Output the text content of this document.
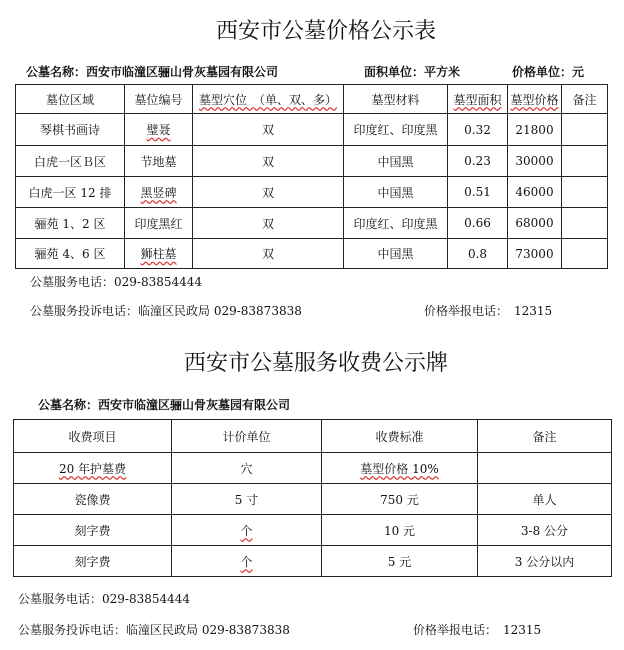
西安市公墓价格公示表
公墓名称：西安市临潼区骊山骨灰墓园有限公司	面积单位：平方米	价格单位：元
墓位区域	墓位编号	墓型穴位　（单、双、多）	墓型材料	墓型面积	墓型价格	备注
琴棋书画诗	璧聂	双	印度红、印度黑	0.32	21800	
白虎一区Ｂ区	节地墓	双	中国黑	0.23	30000	
白虎一区 12 排	黑竖碑	双	中国黑	0.51	46000	
骊苑 1、2 区	印度黑红	双	印度红、印度黑	0.66	68000	
骊苑 4、6 区	狮柱墓	双	中国黑	0.8	73000	
公墓服务电话：029-83854444
公墓服务投诉电话：临潼区民政局 029-83873838	价格举报电话：　12315
西安市公墓服务收费公示牌
公墓名称：西安市临潼区骊山骨灰墓园有限公司
收费项目	计价单位	收费标准	备注
20 年护墓费	穴	墓型价格 10%	
瓷像费	5 寸	750 元	单人
刻字费	个	10 元	3-8 公分
刻字费	个	5 元	3 公分以内
公墓服务电话：029-83854444
公墓服务投诉电话：临潼区民政局 029-83873838	价格举报电话：　12315
